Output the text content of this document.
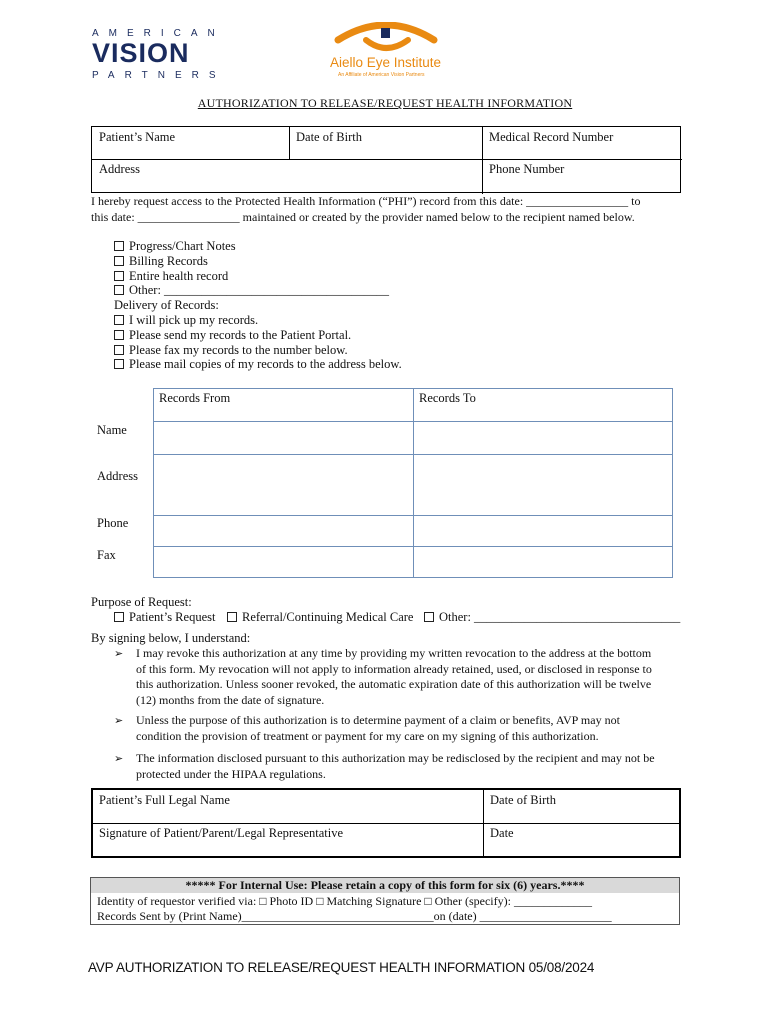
AMERICAN
VISION
PARTNERS
Aiello Eye Institute
An Affiliate of American Vision Partners
AUTHORIZATION TO RELEASE/REQUEST HEALTH INFORMATION
Patient’s Name	Date of Birth	Medical Record Number
Address	Phone Number
I hereby request access to the Protected Health Information (“PHI”) record from this date: _________________ to
this date: _________________ maintained or created by the provider named below to the recipient named below.
Progress/Chart Notes
Billing Records
Entire health record
Other: ____________________________________
Delivery of Records:
I will pick up my records.
Please send my records to the Patient Portal.
Please fax my records to the number below.
Please mail copies of my records to the address below.
Records From	Records To
Name
Address
Phone
Fax
Purpose of Request:
Patient’s Request	Referral/Continuing Medical Care	Other: _________________________________
By signing below, I understand:
➢ I may revoke this authorization at any time by providing my written revocation to the address at the bottom
of this form. My revocation will not apply to information already retained, used, or disclosed in response to
this authorization. Unless sooner revoked, the automatic expiration date of this authorization will be twelve
(12) months from the date of signature.
➢ Unless the purpose of this authorization is to determine payment of a claim or benefits, AVP may not
condition the provision of treatment or payment for my care on my signing of this authorization.
➢ The information disclosed pursuant to this authorization may be redisclosed by the recipient and may not be
protected under the HIPAA regulations.
Patient’s Full Legal Name	Date of Birth
Signature of Patient/Parent/Legal Representative	Date
***** For Internal Use: Please retain a copy of this form for six (6) years.****
Identity of requestor verified via: □ Photo ID □ Matching Signature □ Other (specify): _____________
Records Sent by (Print Name)________________________________on (date) ______________________
AVP AUTHORIZATION TO RELEASE/REQUEST HEALTH INFORMATION 05/08/2024
